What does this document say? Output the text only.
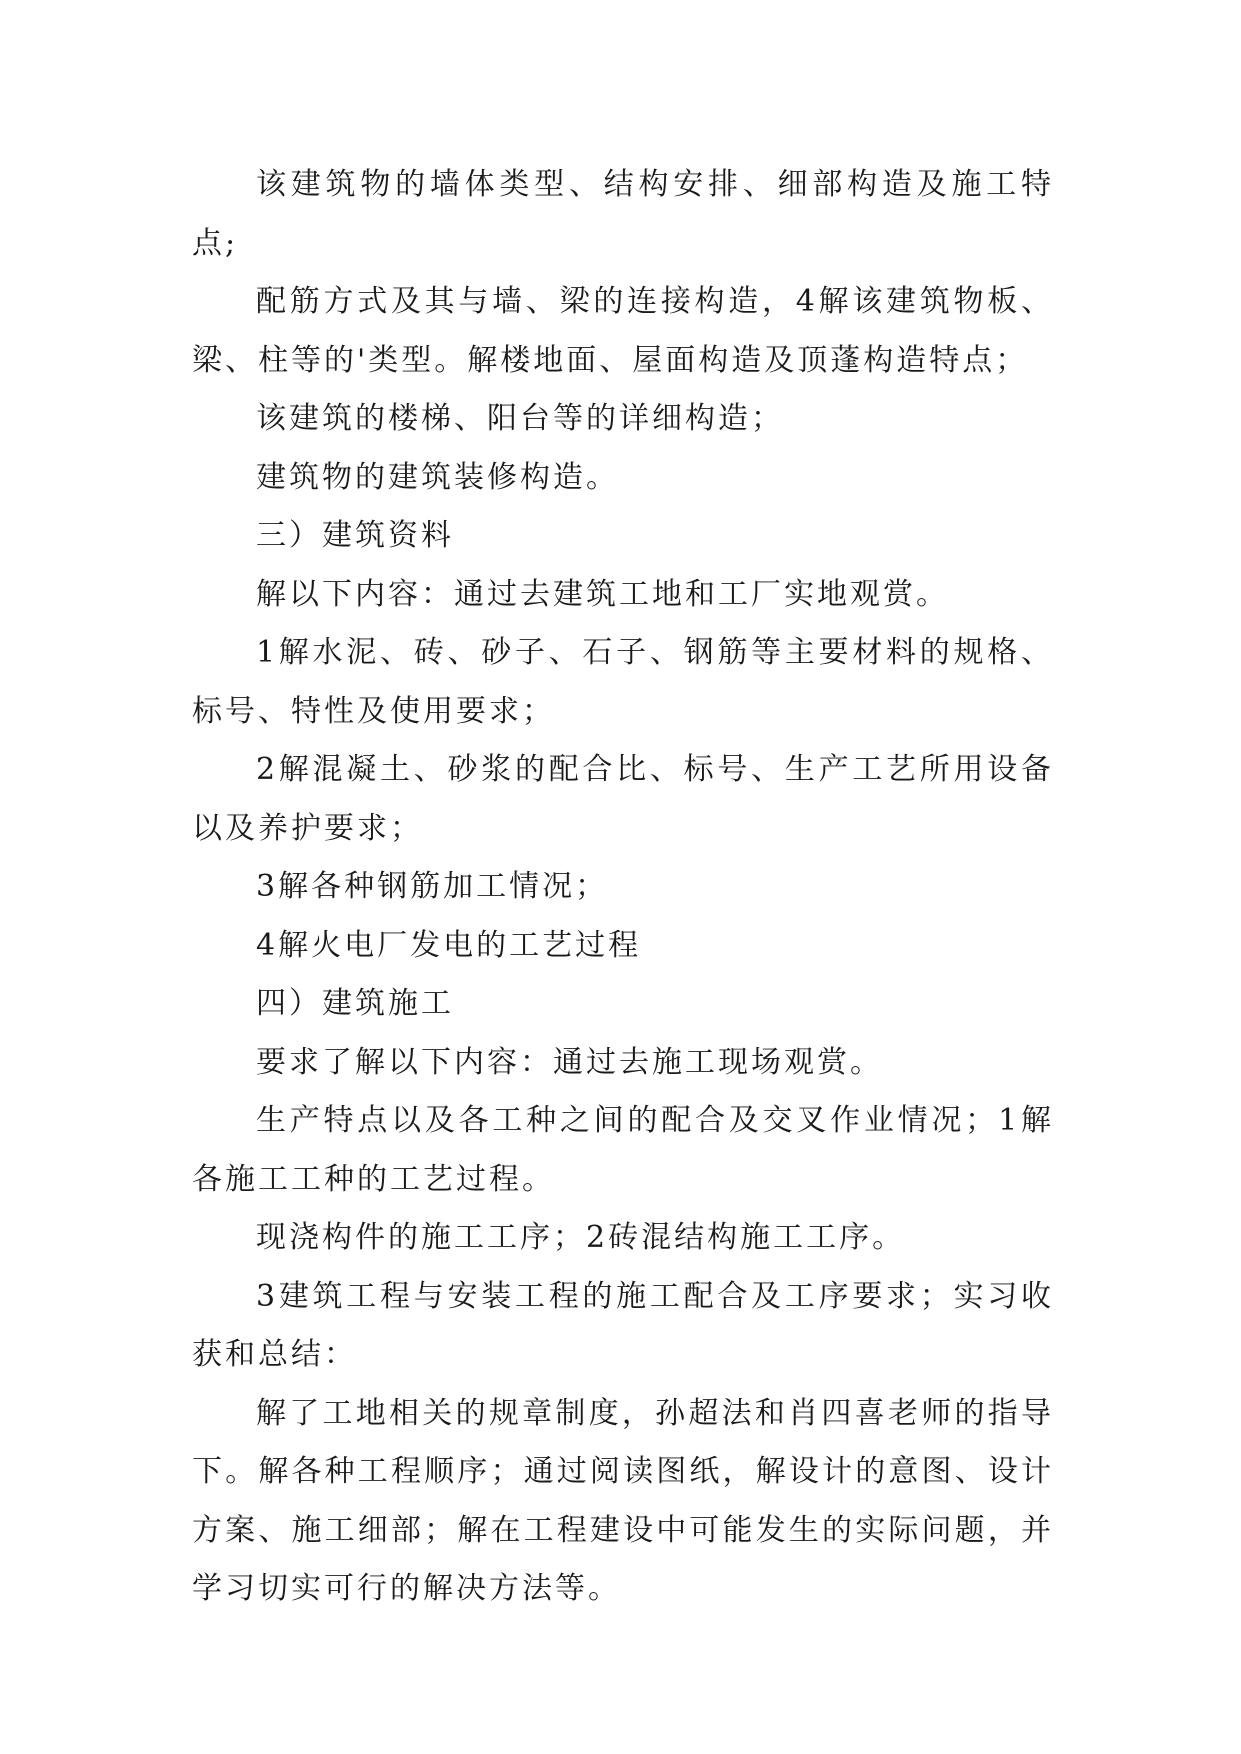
该建筑物的墙体类型、结构安排、细部构造及施工特点;

配筋方式及其与墙、梁的连接构造，4解该建筑物板、梁、柱等的'类型。解楼地面、屋面构造及顶蓬构造特点；

该建筑的楼梯、阳台等的详细构造；

建筑物的建筑装修构造。

三）建筑资料

解以下内容：通过去建筑工地和工厂实地观赏。

1解水泥、砖、砂子、石子、钢筋等主要材料的规格、标号、特性及使用要求；

2解混凝土、砂浆的配合比、标号、生产工艺所用设备以及养护要求；

3解各种钢筋加工情况；

4解火电厂发电的工艺过程

四）建筑施工

要求了解以下内容：通过去施工现场观赏。

生产特点以及各工种之间的配合及交叉作业情况；1解各施工工种的工艺过程。

现浇构件的施工工序；2砖混结构施工工序。

3建筑工程与安装工程的施工配合及工序要求；实习收获和总结：

解了工地相关的规章制度，孙超法和肖四喜老师的指导下。解各种工程顺序；通过阅读图纸，解设计的意图、设计方案、施工细部；解在工程建设中可能发生的实际问题，并学习切实可行的解决方法等。
